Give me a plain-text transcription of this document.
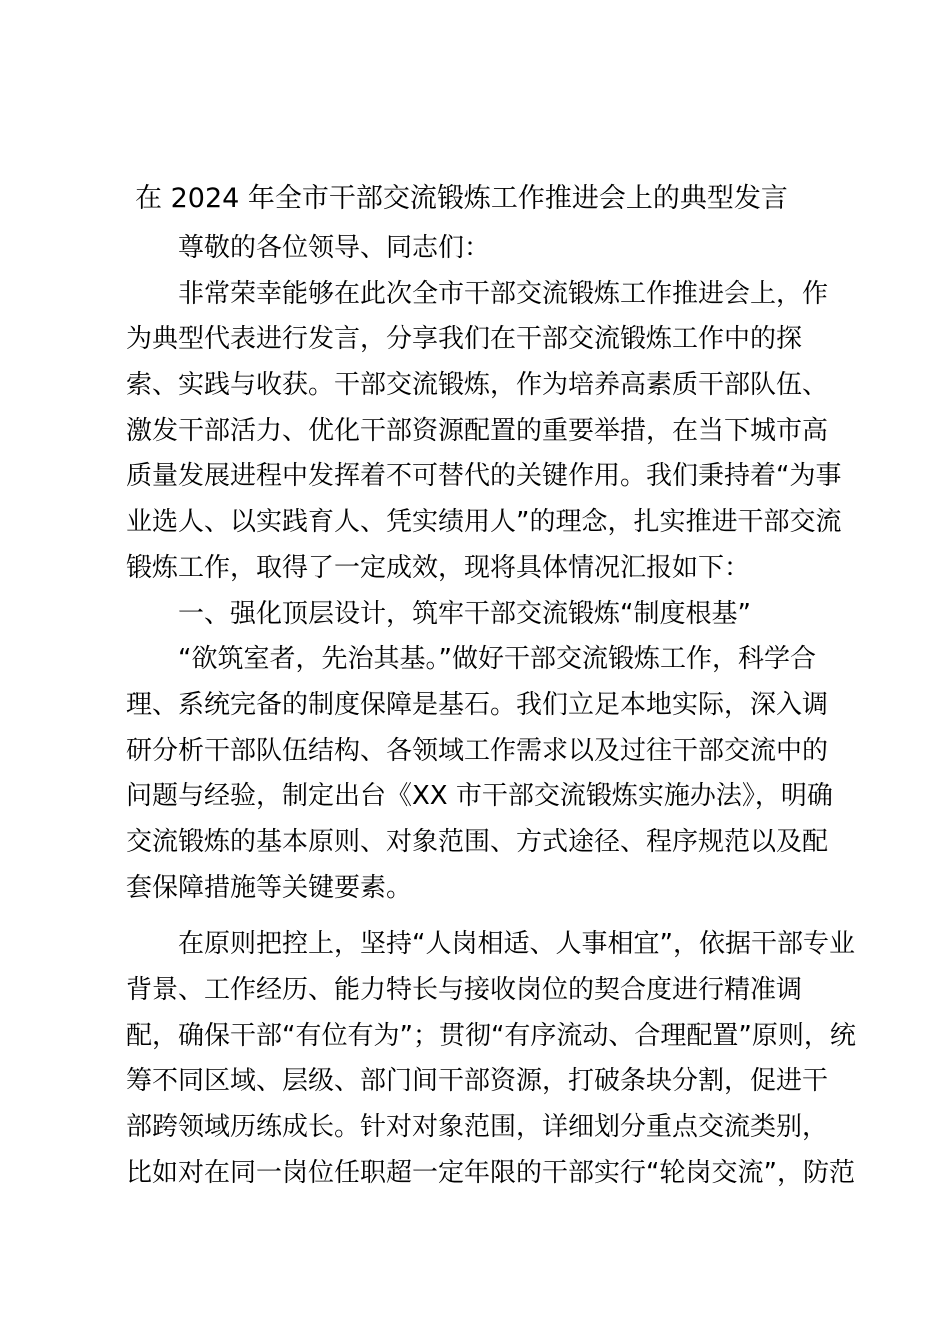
在 2024 年全市干部交流锻炼工作推进会上的典型发言
尊敬的各位领导、同志们：
非常荣幸能够在此次全市干部交流锻炼工作推进会上，作
为典型代表进行发言，分享我们在干部交流锻炼工作中的探
索、实践与收获。干部交流锻炼，作为培养高素质干部队伍、
激发干部活力、优化干部资源配置的重要举措，在当下城市高
质量发展进程中发挥着不可替代的关键作用。我们秉持着“为事
业选人、以实践育人、凭实绩用人”的理念，扎实推进干部交流
锻炼工作，取得了一定成效，现将具体情况汇报如下：
一、强化顶层设计，筑牢干部交流锻炼“制度根基”
“欲筑室者，先治其基。”做好干部交流锻炼工作，科学合
理、系统完备的制度保障是基石。我们立足本地实际，深入调
研分析干部队伍结构、各领域工作需求以及过往干部交流中的
问题与经验，制定出台《XX 市干部交流锻炼实施办法》，明确
交流锻炼的基本原则、对象范围、方式途径、程序规范以及配
套保障措施等关键要素。
在原则把控上，坚持“人岗相适、人事相宜”，依据干部专业
背景、工作经历、能力特长与接收岗位的契合度进行精准调
配，确保干部“有位有为”；贯彻“有序流动、合理配置”原则，统
筹不同区域、层级、部门间干部资源，打破条块分割，促进干
部跨领域历练成长。针对对象范围，详细划分重点交流类别，
比如对在同一岗位任职超一定年限的干部实行“轮岗交流”，防范
